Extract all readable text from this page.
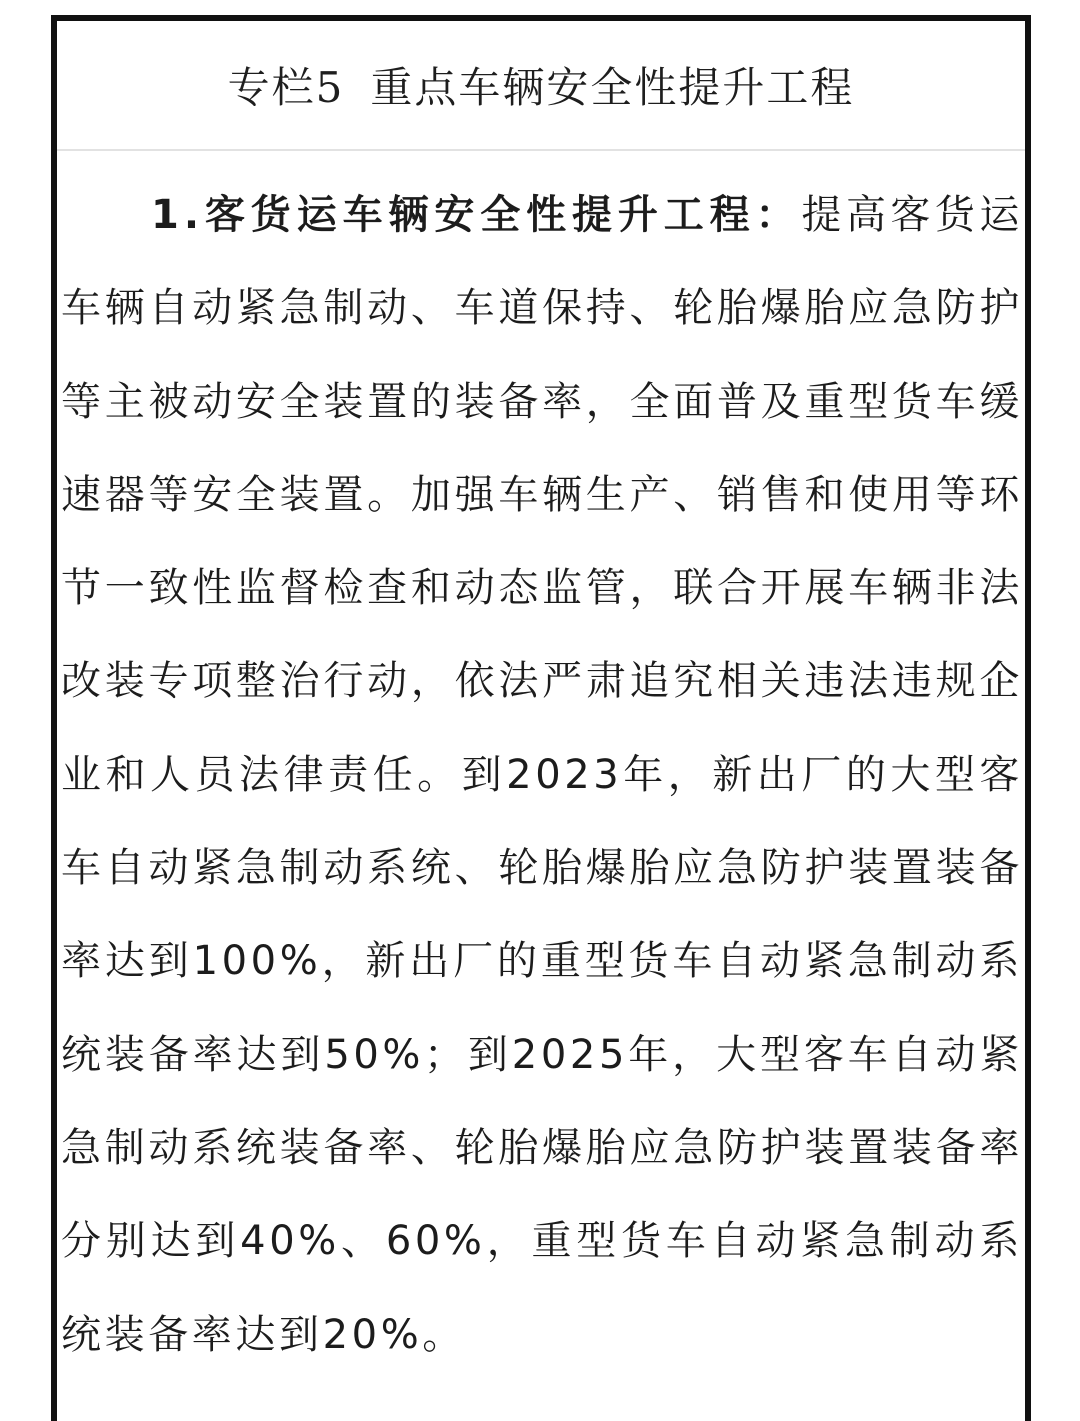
专栏5 重点车辆安全性提升工程

1.客货运车辆安全性提升工程：提高客货运车辆自动紧急制动、车道保持、轮胎爆胎应急防护等主被动安全装置的装备率，全面普及重型货车缓速器等安全装置。加强车辆生产、销售和使用等环节一致性监督检查和动态监管，联合开展车辆非法改装专项整治行动，依法严肃追究相关违法违规企业和人员法律责任。到2023年，新出厂的大型客车自动紧急制动系统、轮胎爆胎应急防护装置装备率达到100%，新出厂的重型货车自动紧急制动系统装备率达到50%；到2025年，大型客车自动紧急制动系统装备率、轮胎爆胎应急防护装置装备率分别达到40%、60%，重型货车自动紧急制动系统装备率达到20%。
